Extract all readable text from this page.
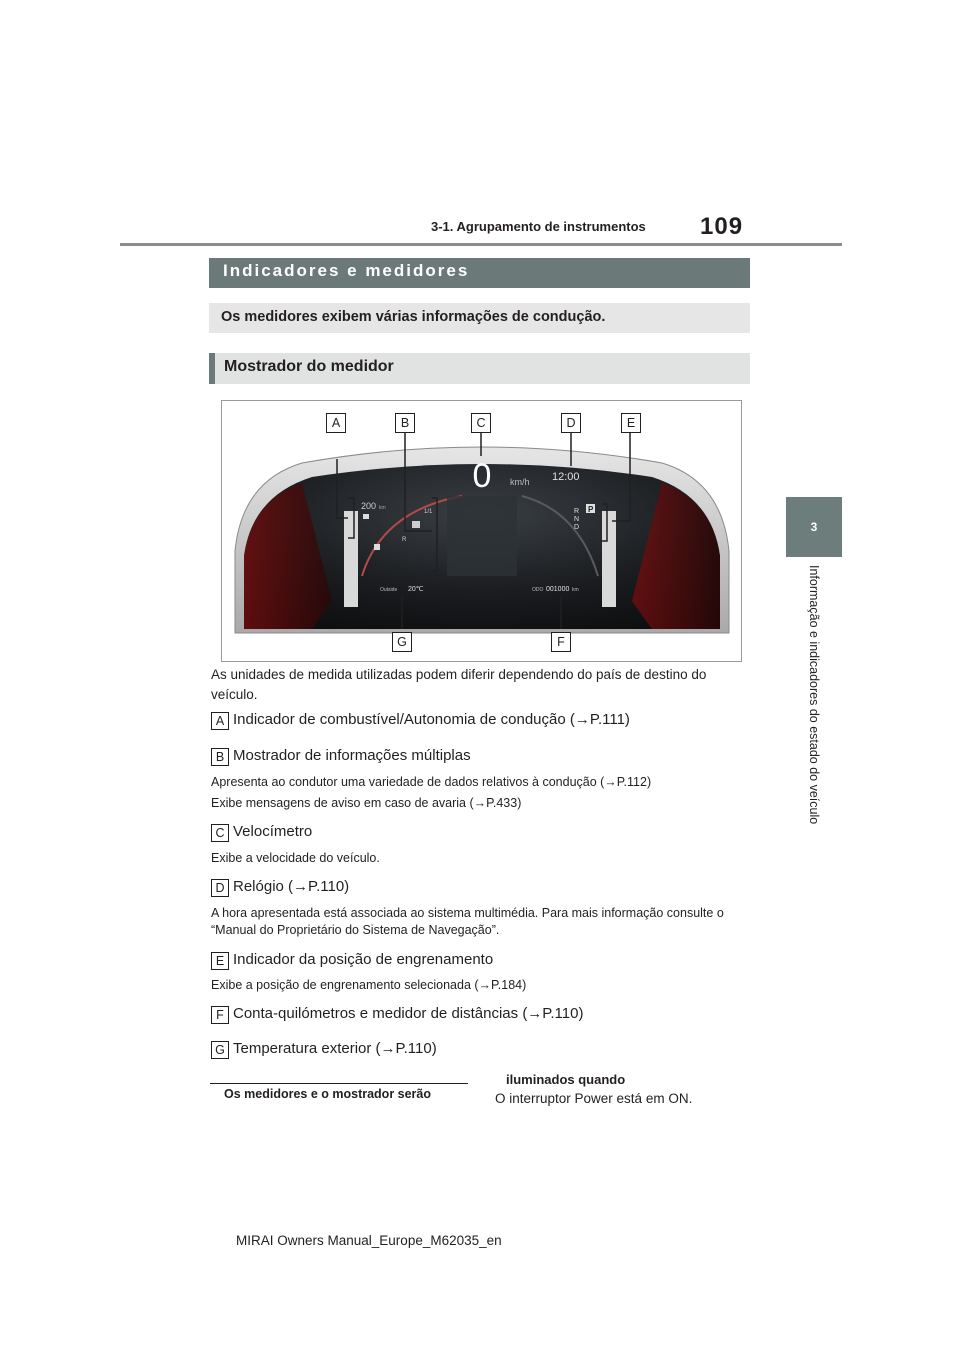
3-1. Agrupamento de instrumentos 109
3
Informação e indicadores do estado do veículo
Indicadores e medidores
Os medidores exibem várias informações de condução.
Mostrador do medidor
0 km/h 12:00
200 km
1/1
R
R
N
D
P
Outside 20℃	ODO 001000 km
A	B	C	D	E
F
G
As unidades de medida utilizadas podem diferir dependendo do país de destino do veículo.
A Indicador de combustível/Autonomia de condução (→P.111)
B Mostrador de informações múltiplas
Apresenta ao condutor uma variedade de dados relativos à condução (→P.112)
Exibe mensagens de aviso em caso de avaria (→P.433)
C Velocímetro
Exibe a velocidade do veículo.
D Relógio (→P.110)
A hora apresentada está associada ao sistema multimédia. Para mais informação consulte o “Manual do Proprietário do Sistema de Navegação”.
E Indicador da posição de engrenamento
Exibe a posição de engrenamento selecionada (→P.184)
F Conta-quilómetros e medidor de distâncias (→P.110)
G Temperatura exterior (→P.110)
iluminados quando
Os medidores e o mostrador serão	O interruptor Power está em ON.
MIRAI Owners Manual_Europe_M62035_en
